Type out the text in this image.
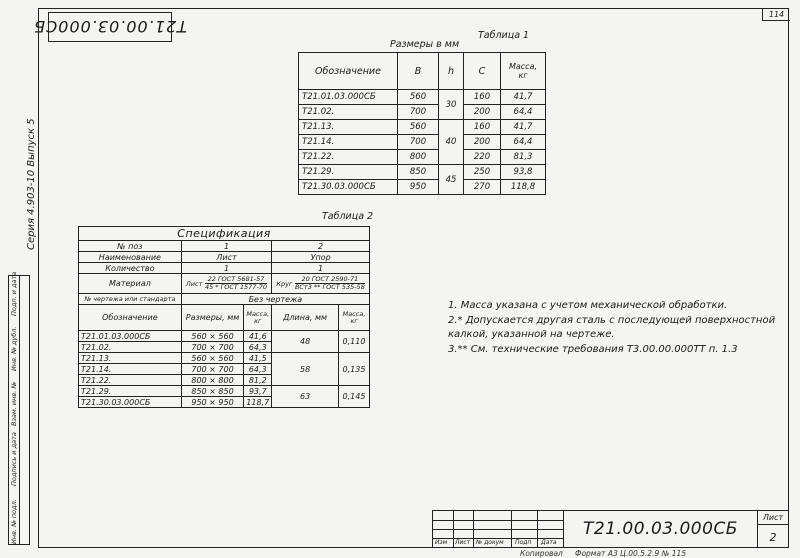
Т21.00.03.000СБ
114
Серия 4.903-10 Выпуск 5
Инв. № подл.
Подпись и дата
Взам. инв. №
Инв. № дубл.
Подп. и дата
Таблица 1
Размеры в мм
Обозначение	В	h	С	Масса, кг
Т21.01.03.000СБ	560	30	160	41,7
Т21.02.	700		200	64,4
Т21.13.	560	40	160	41,7
Т21.14.	700		200	64,4
Т21.22.	800		220	81,3
Т21.29.	850	45	250	93,8
Т21.30.03.000СБ	950		270	118,8
Таблица 2
Спецификация				
№ поз	1		2	
Наименование	Лист		Упор	
Количество	1		1	
Материал	Лист $\frac{\text{22 ГОСТ 5681-57}}{\text{45 * ГОСТ 1577-70}}$		Круг $\frac{\text{20 ГОСТ 2590-71}}{\text{ВСт3 ** ГОСТ 535-58}}$
№ чертежа или стандарта	Без чертежа			
Обозначение	Размеры, мм	Масса, кг	Длина, мм	Масса, кг
Т21.01.03.000СБ	560 × 560	41,6	48	0,110
Т21.02.	700 × 700	64,3		
Т21.13.	560 × 560	41,5	58	0,135
Т21.14.	700 × 700	64,3		
Т21.22.	800 × 800	81,2		
Т21.29.	850 × 850	93,7	63	0,145
Т21.30.03.000СБ	950 × 950	118,7		

1. Масса указана с учетом механической обработки.

2.* Допускается другая сталь с последующей поверхностной калкой, указанной на чертеже.

3.** См. технические требования Т3.00.00.000ТТ п. 1.3

Изм Лист № докум Подп Дата
Т21.00.03.000СБ
Лист
2
Копировал Формат А3 Ц.00.5.2.9 № 115
